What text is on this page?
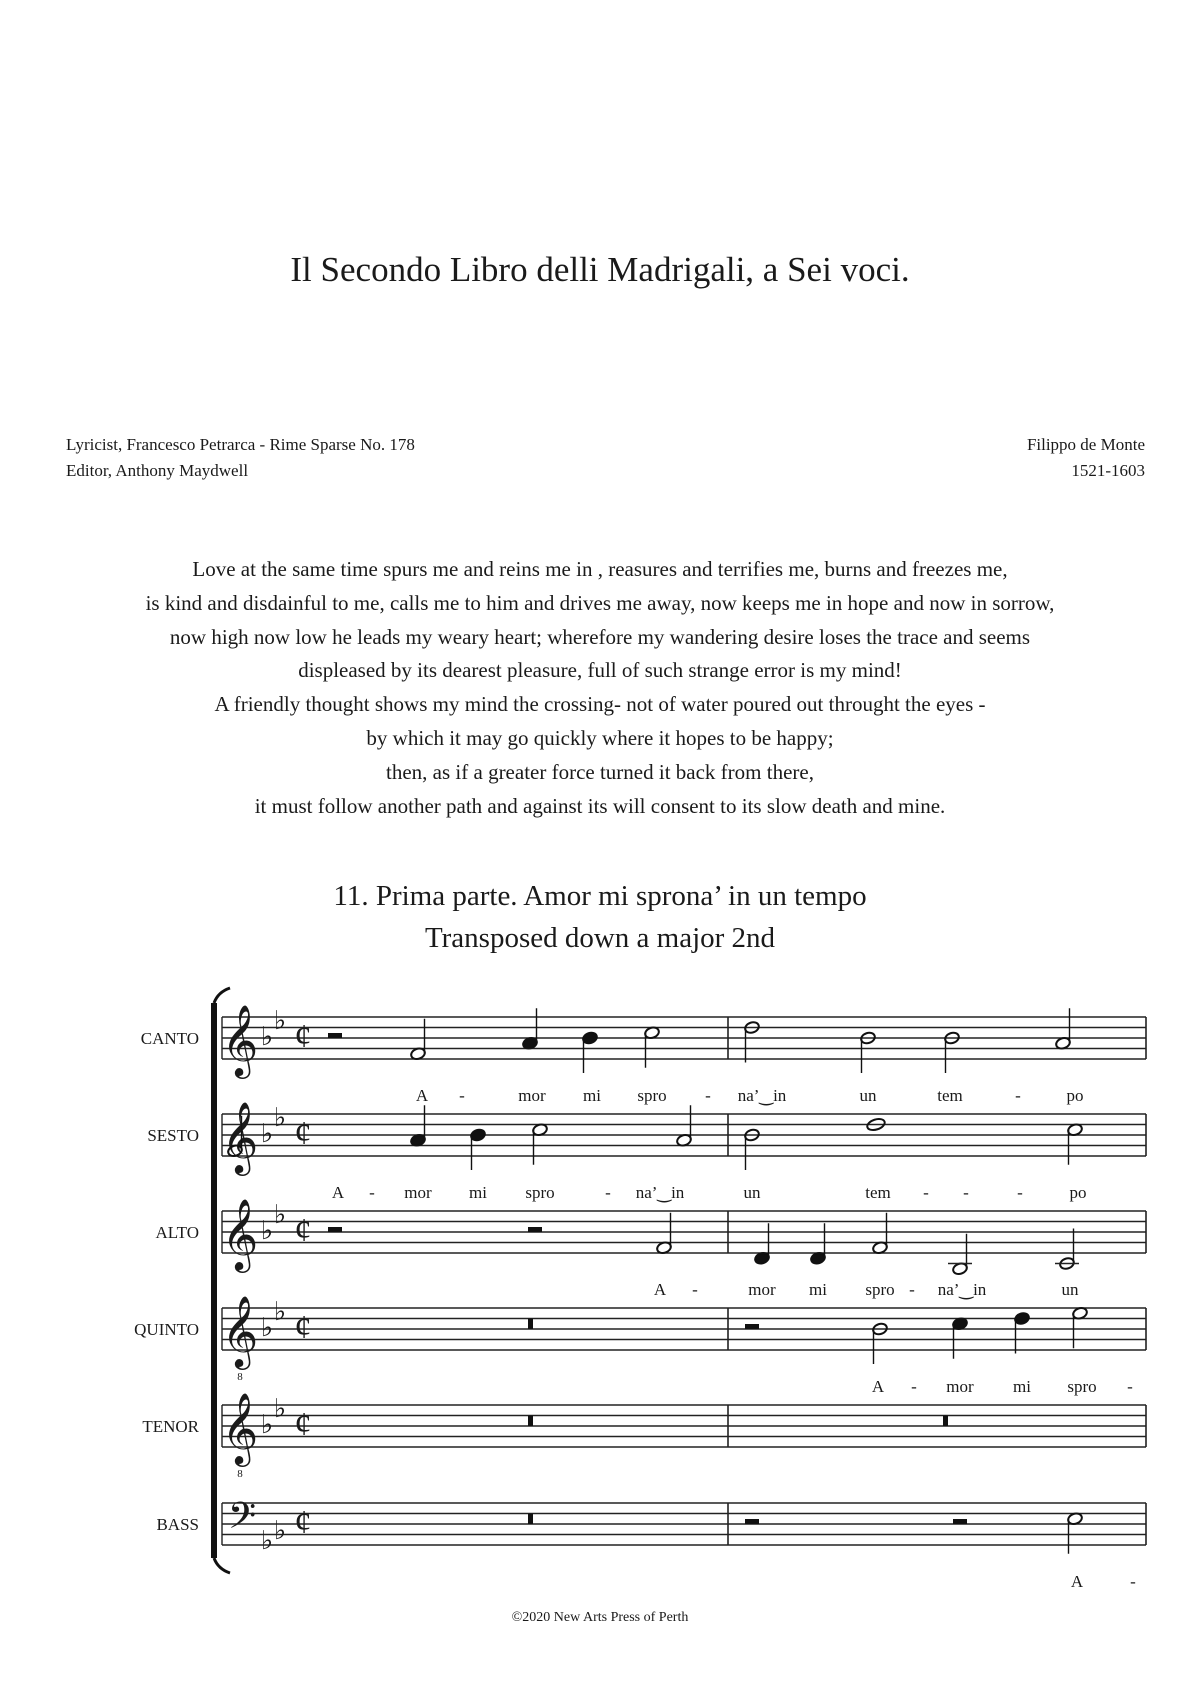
Il Secondo Libro delli Madrigali, a Sei voci.
Lyricist, Francesco Petrarca - Rime Sparse No. 178
Editor, Anthony Maydwell
Filippo de Monte
1521-1603
Love at the same time spurs me and reins me in , reasures and terrifies me, burns and freezes me,
is kind and disdainful to me, calls me to him and drives me away, now keeps me in hope and now in sorrow,
now high now low he leads my weary heart; wherefore my wandering desire loses the trace and seems
displeased by its dearest pleasure, full of such strange error is my mind!
A friendly thought shows my mind the crossing- not of water poured out throught the eyes -
by which it may go quickly where it hopes to be happy;
then, as if a greater force turned it back from there,
it must follow another path and against its will consent to its slow death and mine.
11. Prima parte. Amor mi sprona’ in un tempo
Transposed down a major 2nd
CANTO 𝄞 ♭
♭ ¢
A -	mor mi spro - na’‿in	un	tem	-	po
SESTO 𝄞 ♭
♭ ¢
A - mor mi spro	- na’‿in	un	tem - -	-	po
ALTO 𝄞 ♭
♭ ¢
A -	mor mi spro - na’‿in	un
QUINTO 𝄞
8
♭
♭ ¢
A - mor mi spro -
TENOR 𝄞
8
♭
♭ ¢
BASS 𝄢 ♭ ♭ ¢
A	-
©2020 New Arts Press of Perth
